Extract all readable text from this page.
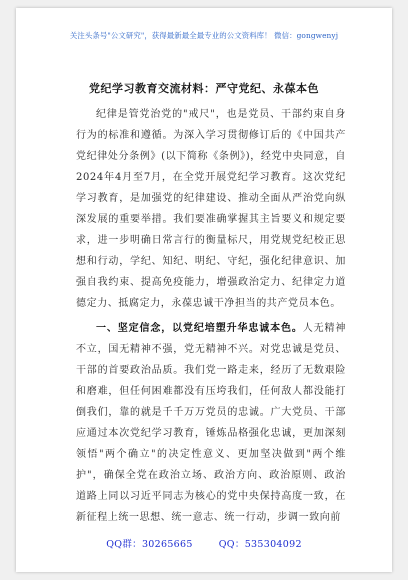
关注头条号"公文研究"，获得最新最全最专业的公文资料库！ 微信：gongwenyj
党纪学习教育交流材料：严守党纪、永葆本色

纪律是管党治党的"戒尺"，也是党员、干部约束自身行为的标准和遵循。为深入学习贯彻修订后的《中国共产党纪律处分条例》(以下简称《条例》)，经党中央同意，自2024年4月至7月，在全党开展党纪学习教育。这次党纪学习教育，是加强党的纪律建设、推动全面从严治党向纵深发展的重要举措。我们要准确掌握其主旨要义和规定要求，进一步明确日常言行的衡量标尺，用党规党纪校正思想和行动，学纪、知纪、明纪、守纪，强化纪律意识、加强自我约束、提高免疫能力，增强政治定力、纪律定力道德定力、抵腐定力，永葆忠诚干净担当的共产党员本色。

一、坚定信念，以党纪培塑升华忠诚本色。人无精神不立，国无精神不强，党无精神不兴。对党忠诚是党员、干部的首要政治品质。我们党一路走来，经历了无数艰险和磨难，但任何困难都没有压垮我们，任何敌人都没能打倒我们，靠的就是千千万万党员的忠诚。广大党员、干部应通过本次党纪学习教育，锤炼品格强化忠诚，更加深刻领悟"两个确立"的决定性意义、更加坚决做到"两个维护"，确保全党在政治立场、政治方向、政治原则、政治道路上同以习近平同志为核心的党中央保持高度一致，在新征程上统一思想、统一意志、统一行动，步调一致向前

QQ群：30265665	QQ：535304092
